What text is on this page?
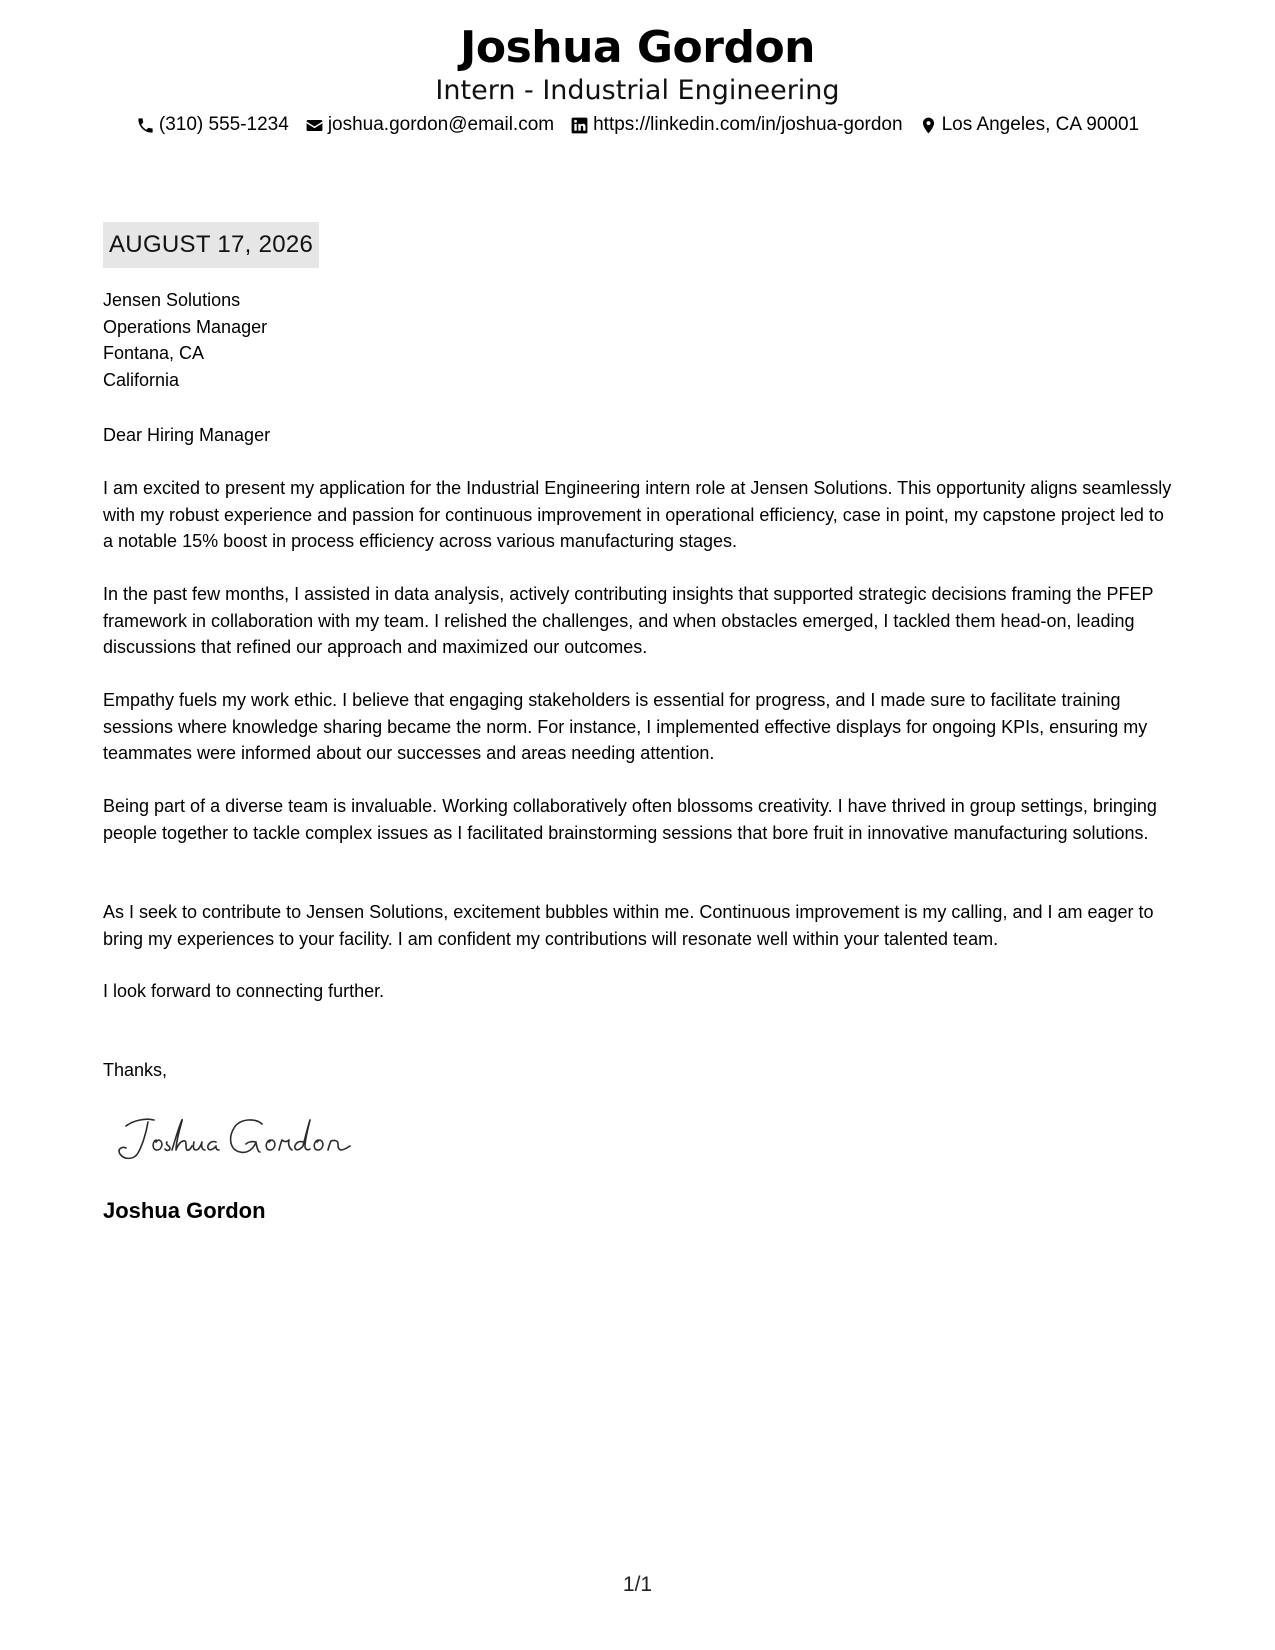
Joshua Gordon
Intern - Industrial Engineering
(310) 555-1234 joshua.gordon@email.com https://linkedin.com/in/joshua-gordon Los Angeles, CA 90001
AUGUST 17, 2026
Jensen Solutions
Operations Manager
Fontana, CA
California
Dear Hiring Manager
I am excited to present my application for the Industrial Engineering intern role at Jensen Solutions. This opportunity aligns seamlessly with my robust experience and passion for continuous improvement in operational efficiency, case in point, my capstone project led to a notable 15% boost in process efficiency across various manufacturing stages.
In the past few months, I assisted in data analysis, actively contributing insights that supported strategic decisions framing the PFEP framework in collaboration with my team. I relished the challenges, and when obstacles emerged, I tackled them head-on, leading discussions that refined our approach and maximized our outcomes.
Empathy fuels my work ethic. I believe that engaging stakeholders is essential for progress, and I made sure to facilitate training sessions where knowledge sharing became the norm. For instance, I implemented effective displays for ongoing KPIs, ensuring my teammates were informed about our successes and areas needing attention.
Being part of a diverse team is invaluable. Working collaboratively often blossoms creativity. I have thrived in group settings, bringing people together to tackle complex issues as I facilitated brainstorming sessions that bore fruit in innovative manufacturing solutions.
As I seek to contribute to Jensen Solutions, excitement bubbles within me. Continuous improvement is my calling, and I am eager to bring my experiences to your facility. I am confident my contributions will resonate well within your talented team.
I look forward to connecting further.
Thanks,
Joshua Gordon
1/1
